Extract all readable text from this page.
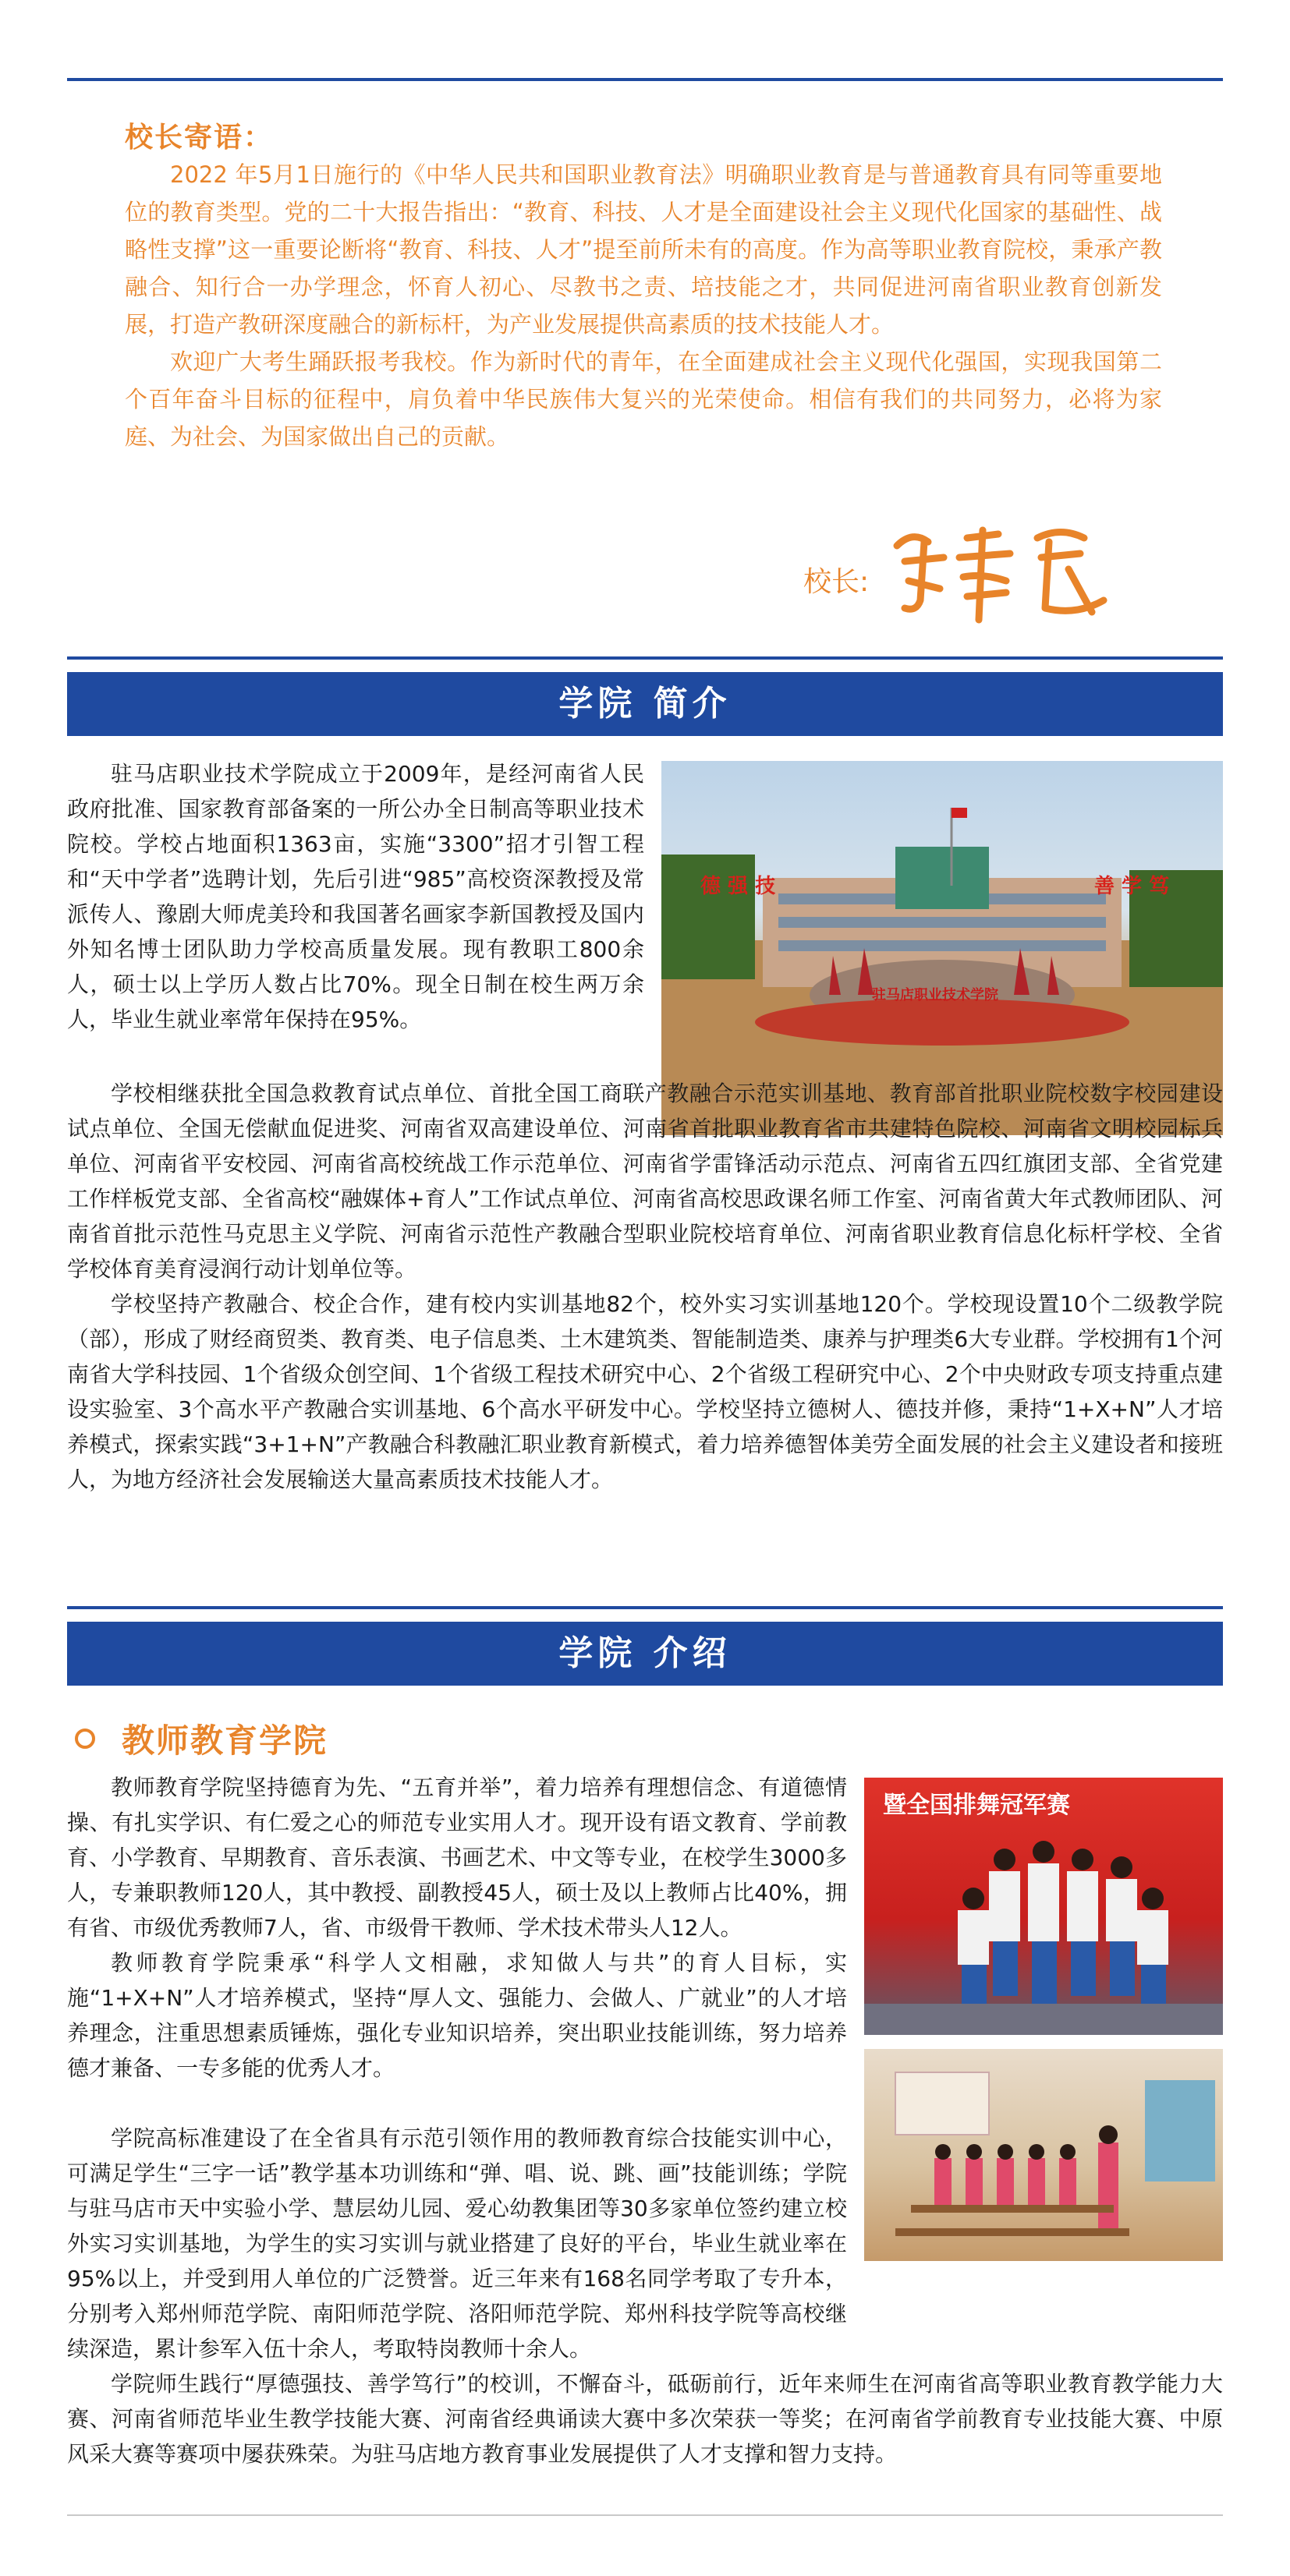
校长寄语：

2022 年5月1日施行的《中华人民共和国职业教育法》明确职业教育是与普通教育具有同等重要地位的教育类型。党的二十大报告指出：“教育、科技、人才是全面建设社会主义现代化国家的基础性、战略性支撑”这一重要论断将“教育、科技、人才”提至前所未有的高度。作为高等职业教育院校，秉承产教融合、知行合一办学理念，怀育人初心、尽教书之责、培技能之才，共同促进河南省职业教育创新发展，打造产教研深度融合的新标杆，为产业发展提供高素质的技术技能人才。

欢迎广大考生踊跃报考我校。作为新时代的青年，在全面建成社会主义现代化强国，实现我国第二个百年奋斗目标的征程中，肩负着中华民族伟大复兴的光荣使命。相信有我们的共同努力，必将为家庭、为社会、为国家做出自己的贡献。

校长:
学院 简介
德 强 技	善 学 笃
驻马店职业技术学院

驻马店职业技术学院成立于2009年，是经河南省人民政府批准、国家教育部备案的一所公办全日制高等职业技术院校。学校占地面积1363亩，实施“3300”招才引智工程和“天中学者”选聘计划，先后引进“985”高校资深教授及常派传人、豫剧大师虎美玲和我国著名画家李新国教授及国内外知名博士团队助力学校高质量发展。现有教职工800余人，硕士以上学历人数占比70%。现全日制在校生两万余人，毕业生就业率常年保持在95%。

学校相继获批全国急救教育试点单位、首批全国工商联产教融合示范实训基地、教育部首批职业院校数字校园建设试点单位、全国无偿献血促进奖、河南省双高建设单位、河南省首批职业教育省市共建特色院校、河南省文明校园标兵单位、河南省平安校园、河南省高校统战工作示范单位、河南省学雷锋活动示范点、河南省五四红旗团支部、全省党建工作样板党支部、全省高校“融媒体+育人”工作试点单位、河南省高校思政课名师工作室、河南省黄大年式教师团队、河南省首批示范性马克思主义学院、河南省示范性产教融合型职业院校培育单位、河南省职业教育信息化标杆学校、全省学校体育美育浸润行动计划单位等。

学校坚持产教融合、校企合作，建有校内实训基地82个，校外实习实训基地120个。学校现设置10个二级教学院（部），形成了财经商贸类、教育类、电子信息类、土木建筑类、智能制造类、康养与护理类6大专业群。学校拥有1个河南省大学科技园、1个省级众创空间、1个省级工程技术研究中心、2个省级工程研究中心、2个中央财政专项支持重点建设实验室、3个高水平产教融合实训基地、6个高水平研发中心。学校坚持立德树人、德技并修，秉持“1+X+N”人才培养模式，探索实践“3+1+N”产教融合科教融汇职业教育新模式，着力培养德智体美劳全面发展的社会主义建设者和接班人，为地方经济社会发展输送大量高素质技术技能人才。

学院 介绍
教师教育学院
暨全国排舞冠军赛

教师教育学院坚持德育为先、“五育并举”，着力培养有理想信念、有道德情操、有扎实学识、有仁爱之心的师范专业实用人才。现开设有语文教育、学前教育、小学教育、早期教育、音乐表演、书画艺术、中文等专业，在校学生3000多人，专兼职教师120人，其中教授、副教授45人，硕士及以上教师占比40%，拥有省、市级优秀教师7人，省、市级骨干教师、学术技术带头人12人。

教师教育学院秉承“科学人文相融，求知做人与共”的育人目标，实施“1+X+N”人才培养模式，坚持“厚人文、强能力、会做人、广就业”的人才培养理念，注重思想素质锤炼，强化专业知识培养，突出职业技能训练，努力培养德才兼备、一专多能的优秀人才。

学院高标准建设了在全省具有示范引领作用的教师教育综合技能实训中心，可满足学生“三字一话”教学基本功训练和“弹、唱、说、跳、画”技能训练；学院与驻马店市天中实验小学、慧层幼儿园、爱心幼教集团等30多家单位签约建立校外实习实训基地，为学生的实习实训与就业搭建了良好的平台，毕业生就业率在95%以上，并受到用人单位的广泛赞誉。近三年来有168名同学考取了专升本，分别考入郑州师范学院、南阳师范学院、洛阳师范学院、郑州科技学院等高校继续深造，累计参军入伍十余人，考取特岗教师十余人。

学院师生践行“厚德强技、善学笃行”的校训，不懈奋斗，砥砺前行，近年来师生在河南省高等职业教育教学能力大赛、河南省师范毕业生教学技能大赛、河南省经典诵读大赛中多次荣获一等奖；在河南省学前教育专业技能大赛、中原风采大赛等赛项中屡获殊荣。为驻马店地方教育事业发展提供了人才支撑和智力支持。
